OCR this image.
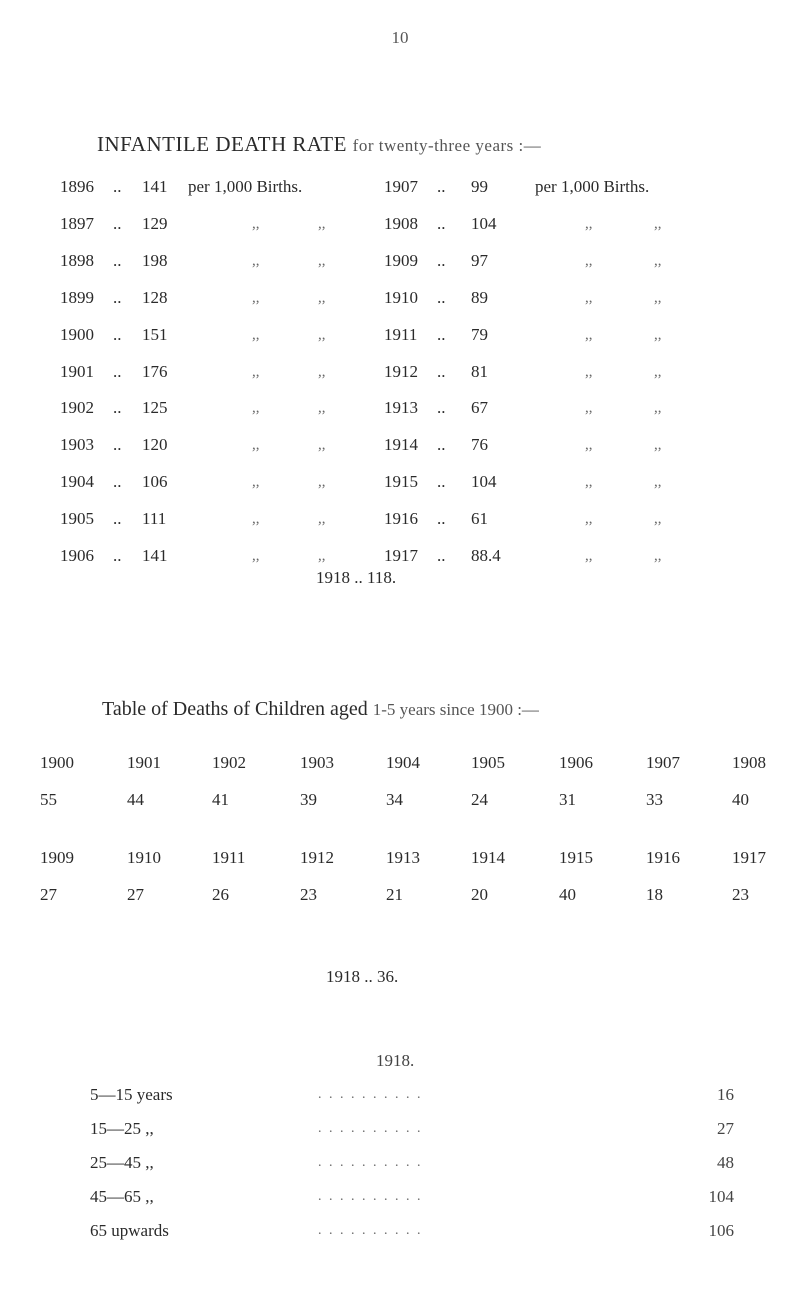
10
INFANTILE DEATH RATE for twenty-three years :—
1896 .. 141 per 1,000 Births.	1907 .. 99	per 1,000 Births.
1897 .. 129	,,	,,	1908 .. 104	,,	,,
1898 .. 198	,,	,,	1909 .. 97	,,	,,
1899 .. 128	,,	,,	1910 .. 89	,,	,,
1900 .. 151	,,	,,	1911 .. 79	,,	,,
1901 .. 176	,,	,,	1912 .. 81	,,	,,
1902 .. 125	,,	,,	1913 .. 67	,,	,,
1903 .. 120	,,	,,	1914 .. 76	,,	,,
1904 .. 106	,,	,,	1915 .. 104	,,	,,
1905 .. 111	,,	,,	1916 .. 61	,,	,,
1906 .. 141	,,	,,	1917 .. 88.4	,,	,,
1918 .. 118.
Table of Deaths of Children aged 1-5 years since 1900 :—
1900	1901	1902	1903	1904	1905	1906	1907	1908
55	44	41	39	34	24	31	33	40
1909	1910	1911	1912	1913	1914	1915	1916	1917
27	27	26	23	21	20	40	18	23
1918 .. 36.
1918.
5—15 years	. . . . . . . . . .	16
15—25 ,,	. . . . . . . . . .	27
25—45 ,,	. . . . . . . . . .	48
45—65 ,,	. . . . . . . . . .	104
65 upwards	. . . . . . . . . .	106
